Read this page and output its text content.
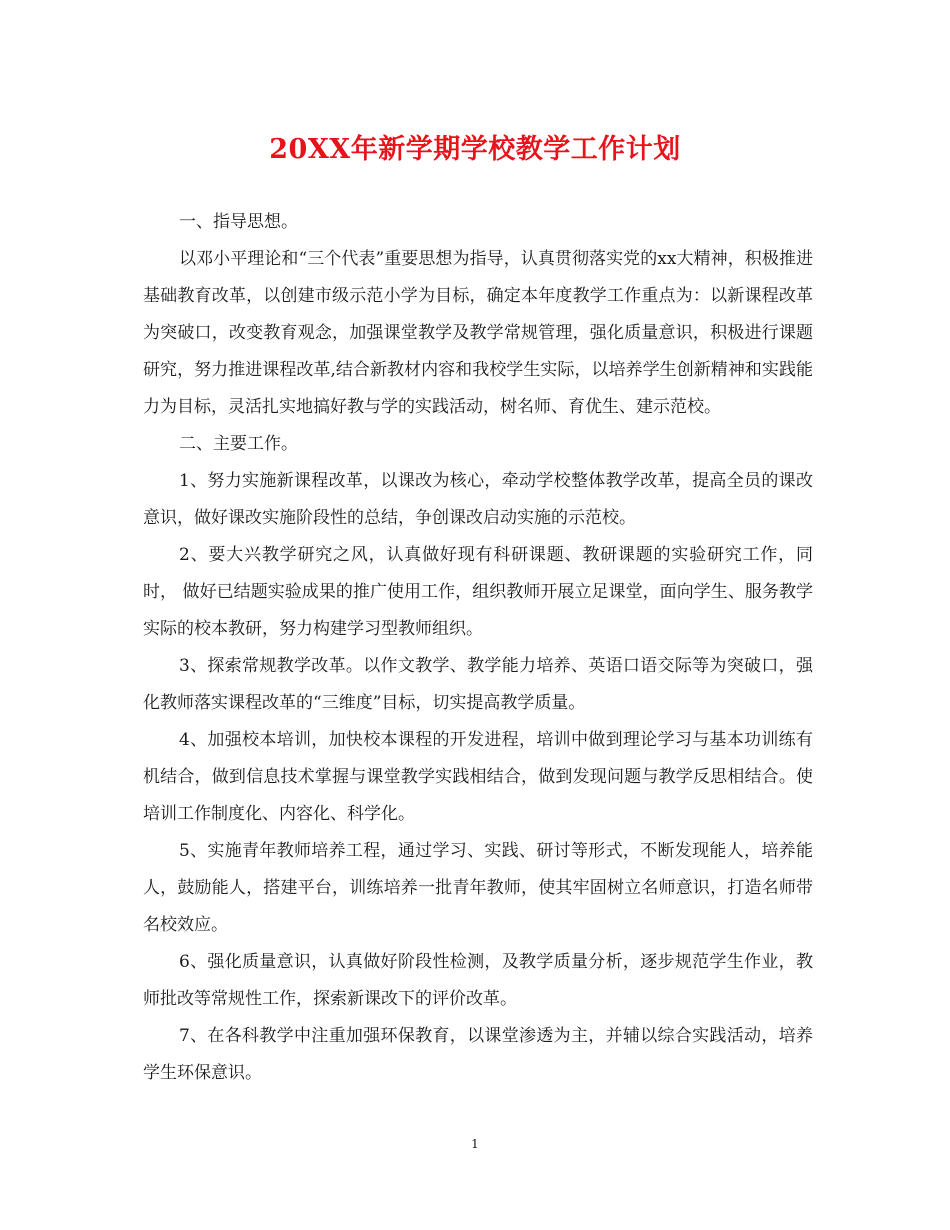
20XX年新学期学校教学工作计划

一、指导思想。

以邓小平理论和“三个代表”重要思想为指导，认真贯彻落实党的xx大精神，积极推进基础教育改革，以创建市级示范小学为目标，确定本年度教学工作重点为：以新课程改革为突破口，改变教育观念，加强课堂教学及教学常规管理，强化质量意识，积极进行课题研究，努力推进课程改革,结合新教材内容和我校学生实际，以培养学生创新精神和实践能力为目标，灵活扎实地搞好教与学的实践活动，树名师、育优生、建示范校。

二、主要工作。

1、努力实施新课程改革，以课改为核心，牵动学校整体教学改革，提高全员的课改意识，做好课改实施阶段性的总结，争创课改启动实施的示范校。

2、要大兴教学研究之风，认真做好现有科研课题、教研课题的实验研究工作，同时， 做好已结题实验成果的推广使用工作，组织教师开展立足课堂，面向学生、服务教学实际的校本教研，努力构建学习型教师组织。

3、探索常规教学改革。以作文教学、教学能力培养、英语口语交际等为突破口，强化教师落实课程改革的“三维度”目标，切实提高教学质量。

4、加强校本培训，加快校本课程的开发进程，培训中做到理论学习与基本功训练有机结合，做到信息技术掌握与课堂教学实践相结合，做到发现问题与教学反思相结合。使培训工作制度化、内容化、科学化。

5、实施青年教师培养工程，通过学习、实践、研讨等形式，不断发现能人，培养能人，鼓励能人，搭建平台，训练培养一批青年教师，使其牢固树立名师意识，打造名师带名校效应。

6、强化质量意识，认真做好阶段性检测，及教学质量分析，逐步规范学生作业，教师批改等常规性工作，探索新课改下的评价改革。

7、在各科教学中注重加强环保教育，以课堂渗透为主，并辅以综合实践活动，培养学生环保意识。

1
